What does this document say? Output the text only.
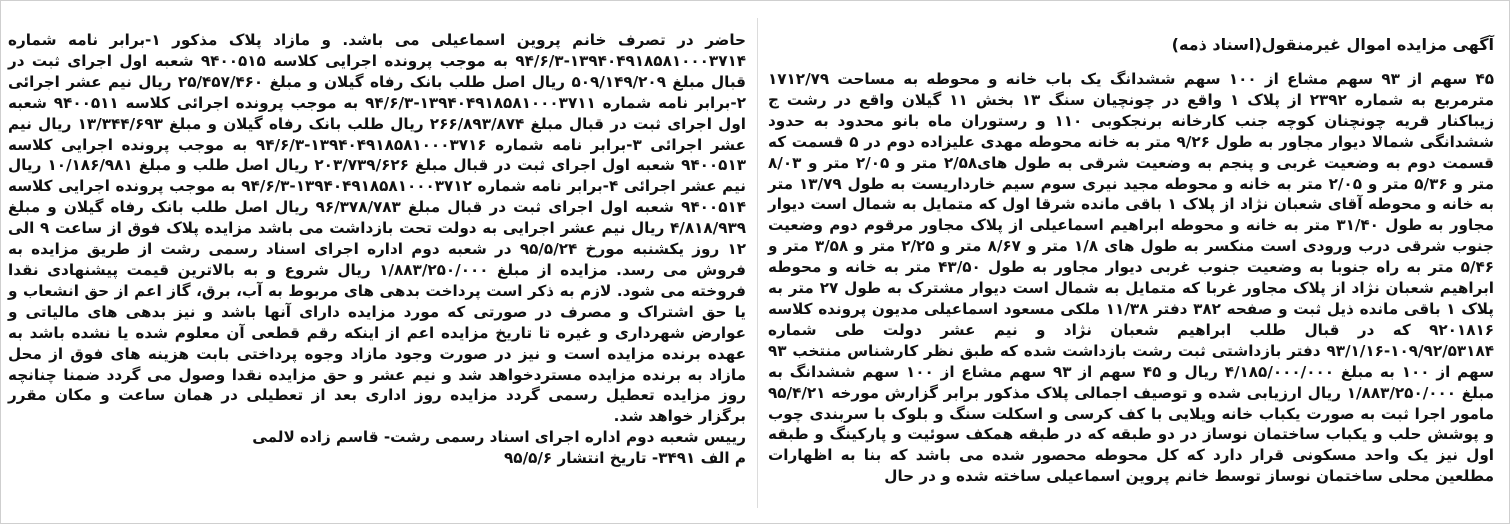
آگهی مزایده اموال غیرمنقول(اسناد ذمه)

۴۵ سهم از ۹۳ سهم مشاع از ۱۰۰ سهم ششدانگ یک باب خانه و محوطه به مساحت ۱۷۱۲/۷۹ مترمربع به شماره ۲۳۹۲ از پلاک ۱ واقع در چونچیان سنگ ۱۳ بخش ۱۱ گیلان واقع در رشت ج زیباکنار قریه چونچنان کوچه جنب کارخانه برنجکوبی ۱۱۰ و رستوران ماه بانو محدود به حدود ششدانگی شمالا دیوار مجاور به طول ۹/۲۶ متر به خانه محوطه مهدی علیزاده دوم در ۵ قسمت که قسمت دوم به وضعیت غربی و پنجم به وضعیت شرقی به طول های۲/۵۸ متر و ۲/۰۵ متر و ۸/۰۳ متر و ۵/۳۶ متر و ۲/۰۵ متر به خانه و محوطه مجید نیری سوم سیم خارداریست به طول ۱۳/۷۹ متر به خانه و محوطه آقای شعبان نژاد از پلاک ۱ باقی مانده شرقا اول که متمایل به شمال است دیوار مجاور به طول ۳۱/۴۰ متر به خانه و محوطه ابراهیم اسماعیلی از پلاک مجاور مرقوم دوم وضعیت جنوب شرقی درب ورودی است منکسر به طول های ۱/۸ متر و ۸/۶۷ متر و ۲/۲۵ متر و ۳/۵۸ متر و ۵/۴۶ متر به راه جنوبا به وضعیت جنوب غربی دیوار مجاور به طول ۴۳/۵۰ متر به خانه و محوطه ابراهیم شعبان نژاد از پلاک مجاور غربا که متمایل به شمال است دیوار مشترک به طول ۲۷ متر به پلاک ۱ باقی مانده ذیل ثبت و صفحه ۳۸۲ دفتر ۱۱/۳۸ ملکی مسعود اسماعیلی مدیون پرونده کلاسه ۹۲۰۱۸۱۶ که در قبال طلب ابراهیم شعبان نژاد و نیم عشر دولت طی شماره ۱۰۹/۹۲/۵۳۱۸۴-۹۳/۱/۱۶ دفتر بازداشتی ثبت رشت بازداشت شده که طبق نظر کارشناس منتخب ۹۳ سهم از ۱۰۰ به مبلغ ۴/۱۸۵/۰۰۰/۰۰۰ ریال و ۴۵ سهم از ۹۳ سهم مشاع از ۱۰۰ سهم ششدانگ به مبلغ ۱/۸۸۳/۲۵۰/۰۰۰ ریال ارزیابی شده و توصیف اجمالی پلاک مذکور برابر گزارش مورخه ۹۵/۴/۲۱ مامور اجرا ثبت به صورت یکباب خانه ویلایی با کف کرسی و اسکلت سنگ و بلوک با سربندی چوب و پوشش حلب و یکباب ساختمان نوساز در دو طبقه که در طبقه همکف سوئیت و پارکینگ و طبقه اول نیز یک واحد مسکونی قرار دارد که کل محوطه محصور شده می باشد که بنا به اظهارات مطلعین محلی ساختمان نوساز توسط خانم پروین اسماعیلی ساخته شده و در حال

حاضر در تصرف خانم پروین اسماعیلی می باشد. و مازاد پلاک مذکور ۱-برابر نامه شماره ۱۳۹۴۰۴۹۱۸۵۸۱۰۰۰۳۷۱۴-۹۴/۶/۳ به موجب پرونده اجرایی کلاسه ۹۴۰۰۵۱۵ شعبه اول اجرای ثبت در قبال مبلغ ۵۰۹/۱۴۹/۲۰۹ ریال اصل طلب بانک رفاه گیلان و مبلغ ۲۵/۴۵۷/۴۶۰ ریال نیم عشر اجرائی ۲-برابر نامه شماره ۱۳۹۴۰۴۹۱۸۵۸۱۰۰۰۳۷۱۱-۹۴/۶/۳ به موجب پرونده اجرائی کلاسه ۹۴۰۰۵۱۱ شعبه اول اجرای ثبت در قبال مبلغ ۲۶۶/۸۹۳/۸۷۴ ریال طلب بانک رفاه گیلان و مبلغ ۱۳/۳۴۴/۶۹۳ ریال نیم عشر اجرائی ۳-برابر نامه شماره ۱۳۹۴۰۴۹۱۸۵۸۱۰۰۰۳۷۱۶-۹۴/۶/۳ به موجب پرونده اجرایی کلاسه ۹۴۰۰۵۱۳ شعبه اول اجرای ثبت در قبال مبلغ ۲۰۳/۷۳۹/۶۲۶ ریال اصل طلب و مبلغ ۱۰/۱۸۶/۹۸۱ ریال نیم عشر اجرائی ۴-برابر نامه شماره ۱۳۹۴۰۴۹۱۸۵۸۱۰۰۰۳۷۱۲-۹۴/۶/۳ به موجب پرونده اجرایی کلاسه ۹۴۰۰۵۱۴ شعبه اول اجرای ثبت در قبال مبلغ ۹۶/۳۷۸/۷۸۳ ریال اصل طلب بانک رفاه گیلان و مبلغ ۴/۸۱۸/۹۳۹ ریال نیم عشر اجرایی به دولت تحت بازداشت می باشد مزایده پلاک فوق از ساعت ۹ الی ۱۲ روز یکشنبه مورخ ۹۵/۵/۲۴ در شعبه دوم اداره اجرای اسناد رسمی رشت از طریق مزایده به فروش می رسد. مزایده از مبلغ ۱/۸۸۳/۲۵۰/۰۰۰ ریال شروع و به بالاترین قیمت پیشنهادی نقدا فروخته می شود. لازم به ذکر است پرداخت بدهی های مربوط به آب، برق، گاز اعم از حق انشعاب و یا حق اشتراک و مصرف در صورتی که مورد مزایده دارای آنها باشد و نیز بدهی های مالیاتی و عوارض شهرداری و غیره تا تاریخ مزایده اعم از اینکه رقم قطعی آن معلوم شده یا نشده باشد به عهده برنده مزایده است و نیز در صورت وجود مازاد وجوه پرداختی بابت هزینه های فوق از محل مازاد به برنده مزایده مستردخواهد شد و نیم عشر و حق مزایده نقدا وصول می گردد ضمنا چنانچه روز مزایده تعطیل رسمی گردد مزایده روز اداری بعد از تعطیلی در همان ساعت و مکان مقرر برگزار خواهد شد.

رییس شعبه دوم اداره اجرای اسناد رسمی رشت- قاسم زاده لالمی

م الف ۳۴۹۱- تاریخ انتشار ۹۵/۵/۶
